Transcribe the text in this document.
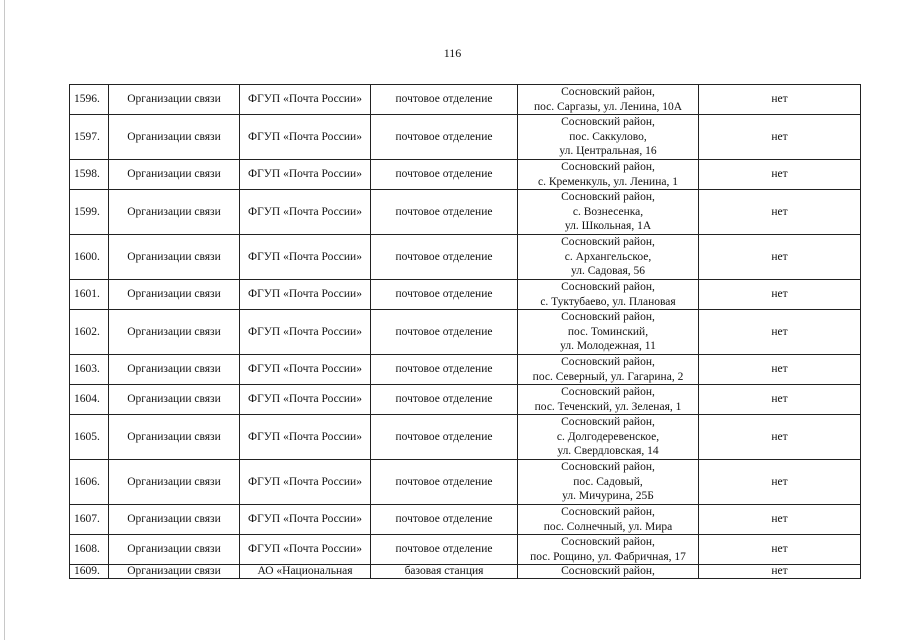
116
1596.	Организации связи	ФГУП «Почта России»	почтовое отделение	Сосновский район,
пос. Саргазы, ул. Ленина, 10А	нет
1597.	Организации связи	ФГУП «Почта России»	почтовое отделение	Сосновский район,
пос. Саккулово,
ул. Центральная, 16	нет
1598.	Организации связи	ФГУП «Почта России»	почтовое отделение	Сосновский район,
с. Кременкуль, ул. Ленина, 1	нет
1599.	Организации связи	ФГУП «Почта России»	почтовое отделение	Сосновский район,
с. Вознесенка,
ул. Школьная, 1А	нет
1600.	Организации связи	ФГУП «Почта России»	почтовое отделение	Сосновский район,
с. Архангельское,
ул. Садовая, 56	нет
1601.	Организации связи	ФГУП «Почта России»	почтовое отделение	Сосновский район,
с. Туктубаево, ул. Плановая	нет
1602.	Организации связи	ФГУП «Почта России»	почтовое отделение	Сосновский район,
пос. Томинский,
ул. Молодежная, 11	нет
1603.	Организации связи	ФГУП «Почта России»	почтовое отделение	Сосновский район,
пос. Северный, ул. Гагарина, 2	нет
1604.	Организации связи	ФГУП «Почта России»	почтовое отделение	Сосновский район,
пос. Теченский, ул. Зеленая, 1	нет
1605.	Организации связи	ФГУП «Почта России»	почтовое отделение	Сосновский район,
с. Долгодеревенское,
ул. Свердловская, 14	нет
1606.	Организации связи	ФГУП «Почта России»	почтовое отделение	Сосновский район,
пос. Садовый,
ул. Мичурина, 25Б	нет
1607.	Организации связи	ФГУП «Почта России»	почтовое отделение	Сосновский район,
пос. Солнечный, ул. Мира	нет
1608.	Организации связи	ФГУП «Почта России»	почтовое отделение	Сосновский район,
пос. Рощино, ул. Фабричная, 17	нет
1609.	Организации связи	АО «Национальная	базовая станция	Сосновский район,	нет
